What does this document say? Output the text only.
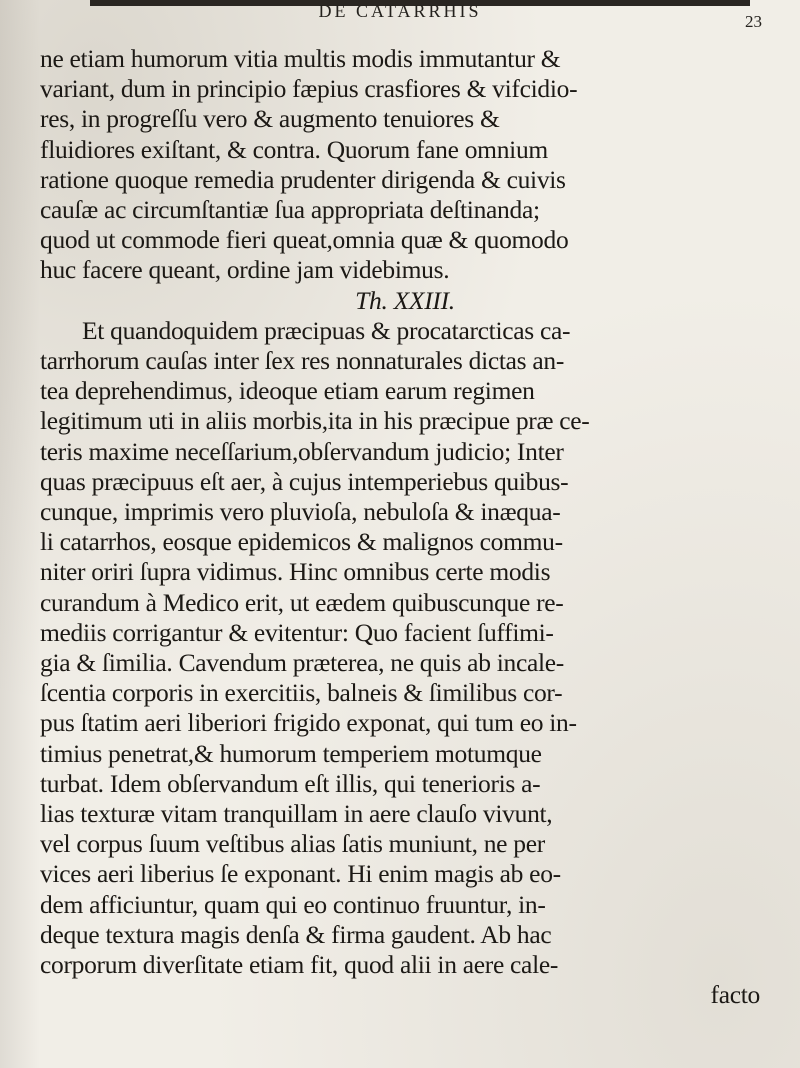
DE CATARRHIS
23
ne etiam humorum vitia multis modis immutantur &
variant, dum in principio fæpius crasfiores & vifcidio-
res, in progreſſu vero & augmento tenuiores &
fluidiores exiſtant, & contra. Quorum fane omnium
ratione quoque remedia prudenter dirigenda & cuivis
cauſæ ac circumſtantiæ ſua appropriata deſtinanda;
quod ut commode fieri queat,omnia quæ & quomodo
huc facere queant, ordine jam videbimus.
Th. XXIII.
Et quandoquidem præcipuas & procatarcticas ca-
tarrhorum cauſas inter ſex res nonnaturales dictas an-
tea deprehendimus, ideoque etiam earum regimen
legitimum uti in aliis morbis,ita in his præcipue præ ce-
teris maxime neceſſarium,obſervandum judicio; Inter
quas præcipuus eſt aer, à cujus intemperiebus quibus-
cunque, imprimis vero pluvioſa, nebuloſa & inæqua-
li catarrhos, eosque epidemicos & malignos commu-
niter oriri ſupra vidimus. Hinc omnibus certe modis
curandum à Medico erit, ut eædem quibuscunque re-
mediis corrigantur & evitentur: Quo facient ſuffimi-
gia & ſimilia. Cavendum præterea, ne quis ab incale-
ſcentia corporis in exercitiis, balneis & ſimilibus cor-
pus ſtatim aeri liberiori frigido exponat, qui tum eo in-
timius penetrat,& humorum temperiem motumque
turbat. Idem obſervandum eſt illis, qui tenerioris a-
lias texturæ vitam tranquillam in aere clauſo vivunt,
vel corpus ſuum veſtibus alias ſatis muniunt, ne per
vices aeri liberius ſe exponant. Hi enim magis ab eo-
dem afficiuntur, quam qui eo continuo fruuntur, in-
deque textura magis denſa & firma gaudent. Ab hac
corporum diverſitate etiam fit, quod alii in aere cale-
facto
